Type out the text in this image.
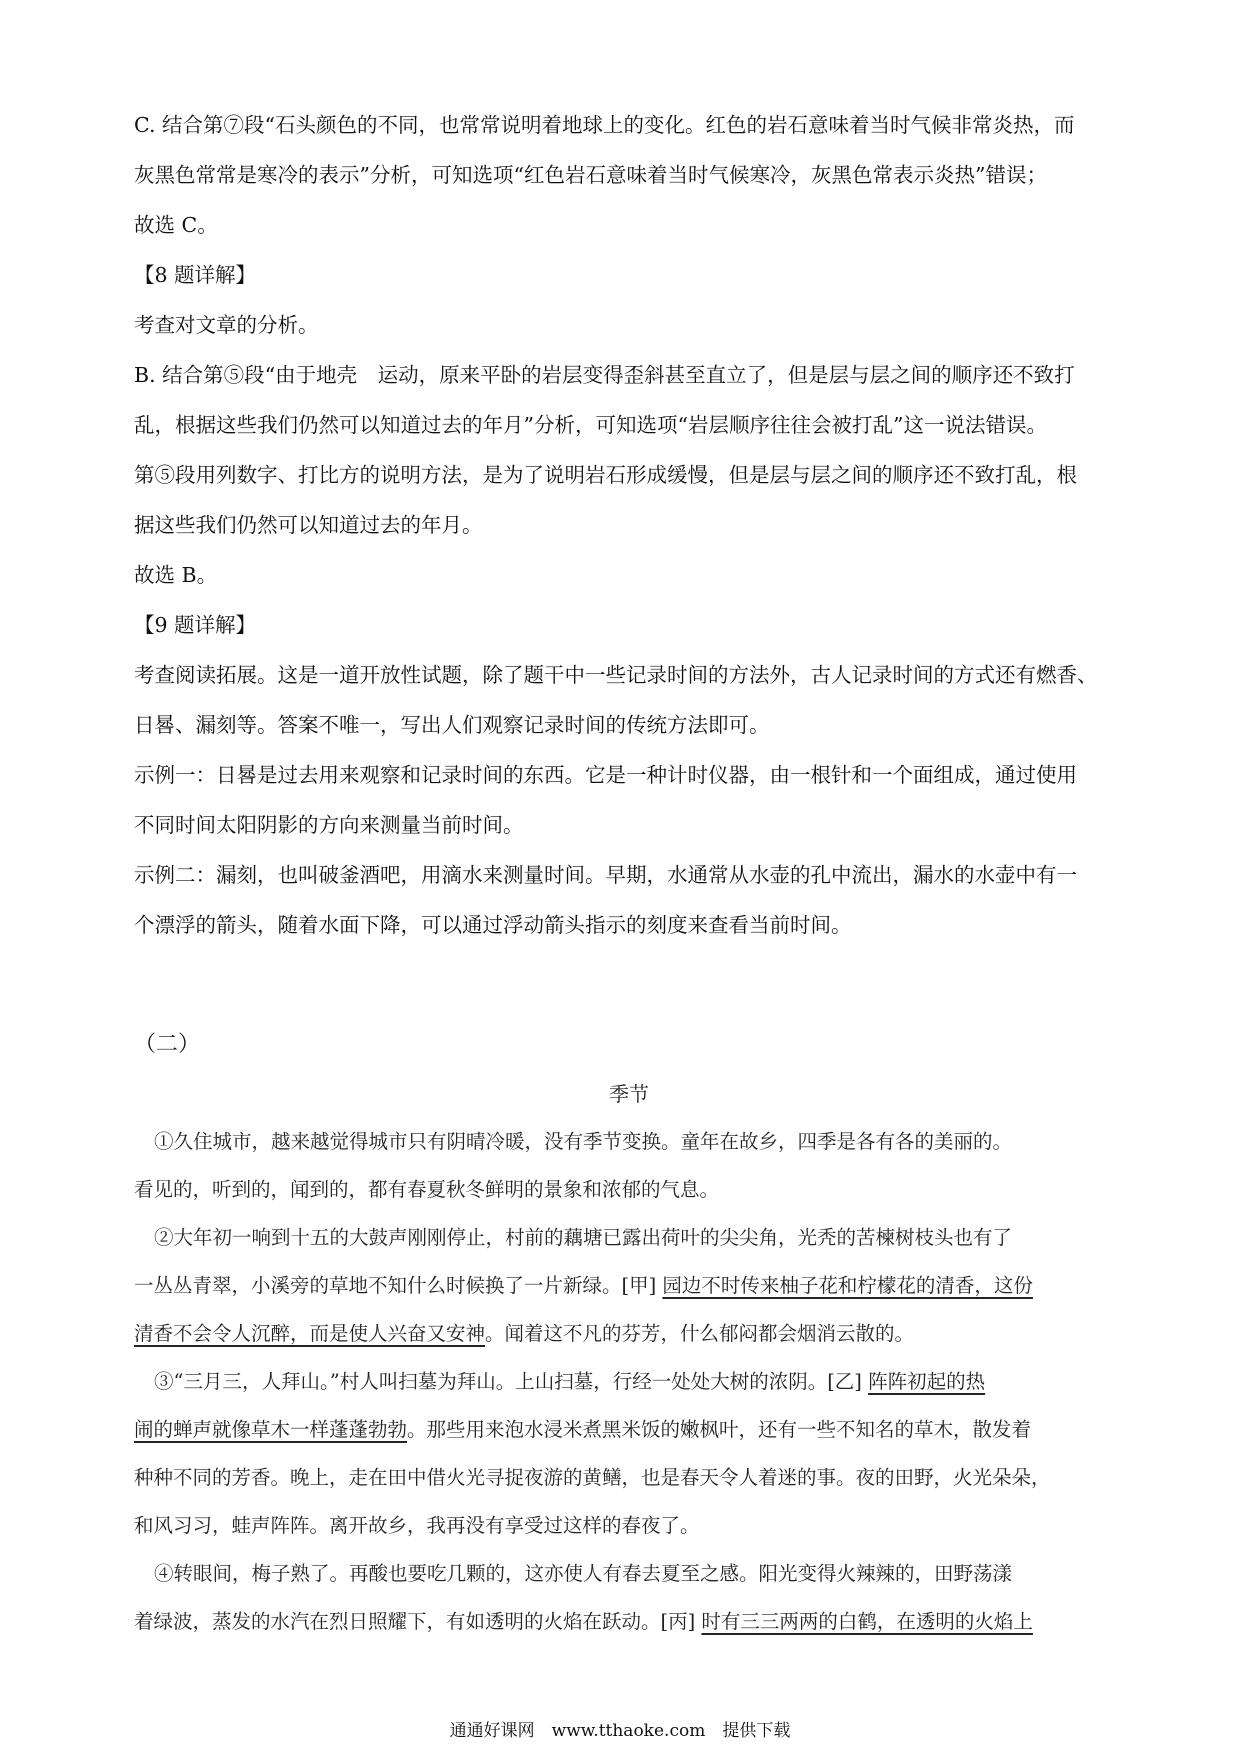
C. 结合第⑦段“石头颜色的不同，也常常说明着地球上的变化。红色的岩石意味着当时气候非常炎热，而
灰黑色常常是寒冷的表示”分析，可知选项“红色岩石意味着当时气候寒冷，灰黑色常表示炎热”错误；
故选 C。
【8 题详解】
考查对文章的分析。
B. 结合第⑤段“由于地壳　运动，原来平卧的岩层变得歪斜甚至直立了，但是层与层之间的顺序还不致打
乱，根据这些我们仍然可以知道过去的年月”分析，可知选项“岩层顺序往往会被打乱”这一说法错误。
第⑤段用列数字、打比方的说明方法，是为了说明岩石形成缓慢，但是层与层之间的顺序还不致打乱，根
据这些我们仍然可以知道过去的年月。
故选 B。
【9 题详解】
考查阅读拓展。这是一道开放性试题，除了题干中一些记录时间的方法外，古人记录时间的方式还有燃香、
日晷、漏刻等。答案不唯一，写出人们观察记录时间的传统方法即可。
示例一：日晷是过去用来观察和记录时间的东西。它是一种计时仪器，由一根针和一个面组成，通过使用
不同时间太阳阴影的方向来测量当前时间。
示例二：漏刻，也叫破釜酒吧，用滴水来测量时间。早期，水通常从水壶的孔中流出，漏水的水壶中有一
个漂浮的箭头，随着水面下降，可以通过浮动箭头指示的刻度来查看当前时间。
（二）
季节
①久住城市，越来越觉得城市只有阴晴冷暖，没有季节变换。童年在故乡，四季是各有各的美丽的。
看见的，听到的，闻到的，都有春夏秋冬鲜明的景象和浓郁的气息。
②大年初一响到十五的大鼓声刚刚停止，村前的藕塘已露出荷叶的尖尖角，光秃的苦楝树枝头也有了
一丛丛青翠，小溪旁的草地不知什么时候换了一片新绿。[甲] 园边不时传来柚子花和柠檬花的清香，这份
清香不会令人沉醉，而是使人兴奋又安神。闻着这不凡的芬芳，什么郁闷都会烟消云散的。
③“三月三，人拜山。”村人叫扫墓为拜山。上山扫墓，行经一处处大树的浓阴。[乙] 阵阵初起的热
闹的蝉声就像草木一样蓬蓬勃勃。那些用来泡水浸米煮黑米饭的嫩枫叶，还有一些不知名的草木，散发着
种种不同的芳香。晚上，走在田中借火光寻捉夜游的黄鳝，也是春天令人着迷的事。夜的田野，火光朵朵，
和风习习，蛙声阵阵。离开故乡，我再没有享受过这样的春夜了。
④转眼间，梅子熟了。再酸也要吃几颗的，这亦使人有春去夏至之感。阳光变得火辣辣的，田野荡漾
着绿波，蒸发的水汽在烈日照耀下，有如透明的火焰在跃动。[丙] 时有三三两两的白鹤，在透明的火焰上
通通好课网　www.tthaoke.com　提供下载
